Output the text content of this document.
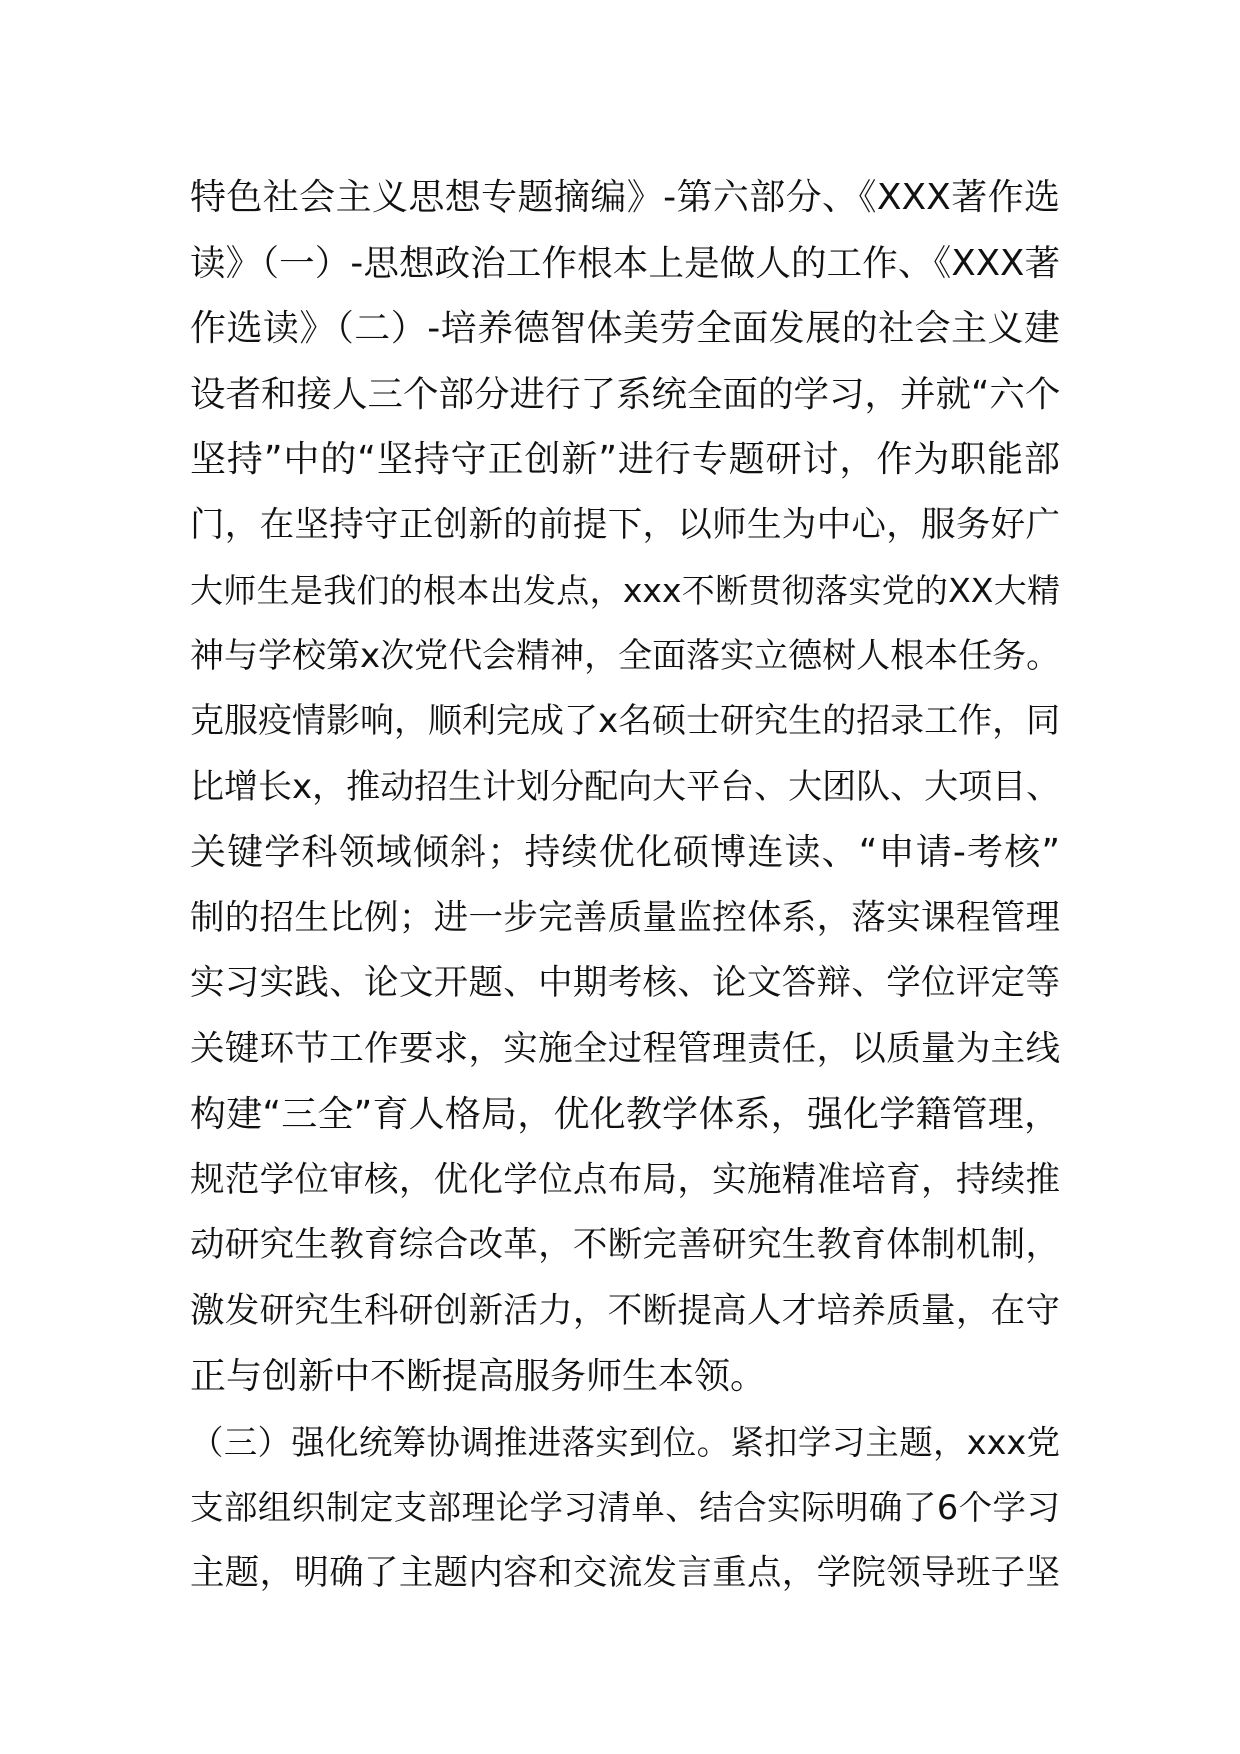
特色社会主义思想专题摘编》-第六部分、《XXX著作选
读》（一）-思想政治工作根本上是做人的工作、《XXX著
作选读》（二）-培养德智体美劳全面发展的社会主义建
设者和接人三个部分进行了系统全面的学习，并就“六个
坚持”中的“坚持守正创新”进行专题研讨，作为职能部
门，在坚持守正创新的前提下，以师生为中心，服务好广
大师生是我们的根本出发点，xxx不断贯彻落实党的XX大精
神与学校第x次党代会精神，全面落实立德树人根本任务。
克服疫情影响，顺利完成了x名硕士研究生的招录工作，同
比增长x，推动招生计划分配向大平台、大团队、大项目、
关键学科领域倾斜；持续优化硕博连读、“申请-考核”
制的招生比例；进一步完善质量监控体系，落实课程管理
实习实践、论文开题、中期考核、论文答辩、学位评定等
关键环节工作要求，实施全过程管理责任，以质量为主线
构建“三全”育人格局，优化教学体系，强化学籍管理，
规范学位审核，优化学位点布局，实施精准培育，持续推
动研究生教育综合改革，不断完善研究生教育体制机制，
激发研究生科研创新活力，不断提高人才培养质量，在守
正与创新中不断提高服务师生本领。
（三）强化统筹协调推进落实到位。紧扣学习主题，xxx党
支部组织制定支部理论学习清单、结合实际明确了6个学习
主题，明确了主题内容和交流发言重点，学院领导班子坚
